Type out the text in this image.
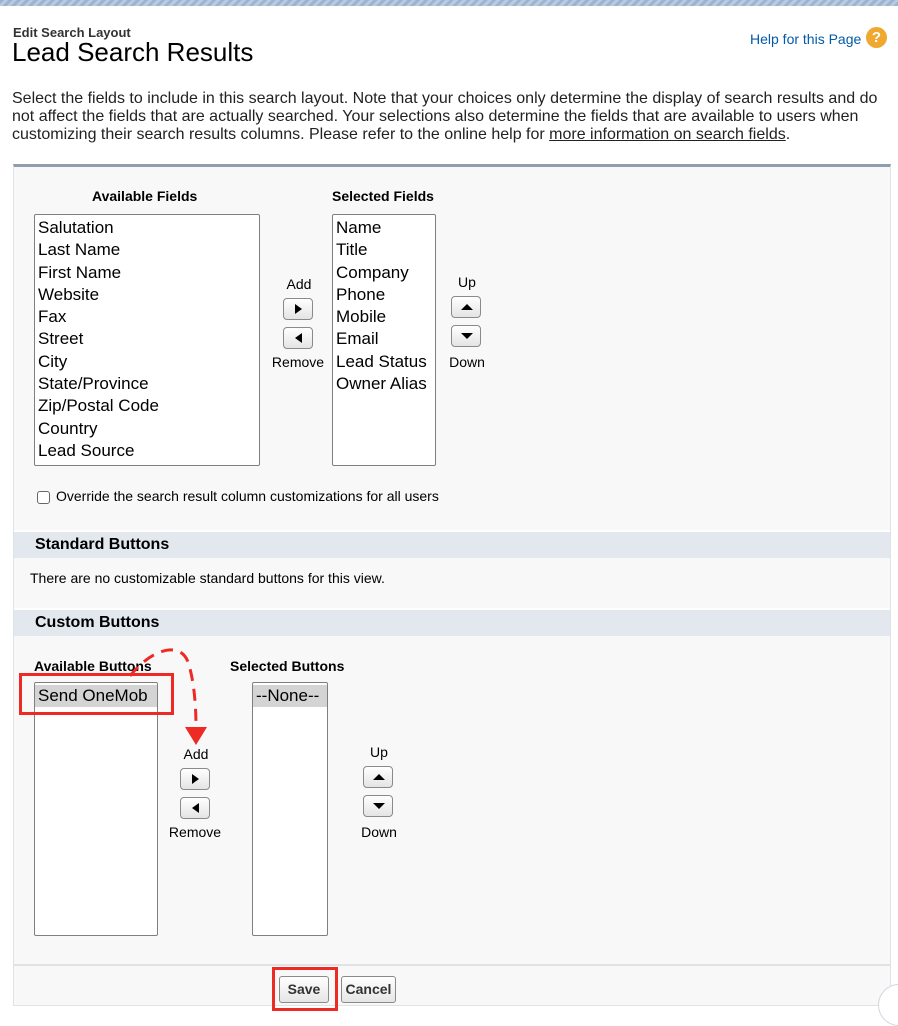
Edit Search Layout
Lead Search Results	Help for this Page ?
Select the fields to include in this search layout. Note that your choices only determine the display of search results and do not affect the fields that are actually searched. Your selections also determine the fields that are available to users when customizing their search results columns. Please refer to the online help for more information on search fields.
Available Fields	Selected Fields
Salutation
Last Name
First Name
Website
Fax
Street
City
State/Province
Zip/Postal Code
Country
Lead Source
Add
Remove
Name
Title
Company
Phone
Mobile
Email
Lead Status
Owner Alias
Up
Down
Override the search result column customizations for all users
Standard Buttons
There are no customizable standard buttons for this view.
Custom Buttons
Available Buttons	Selected Buttons
Send OneMob	--None--
Add
Remove
Up
Down
Save	Cancel
